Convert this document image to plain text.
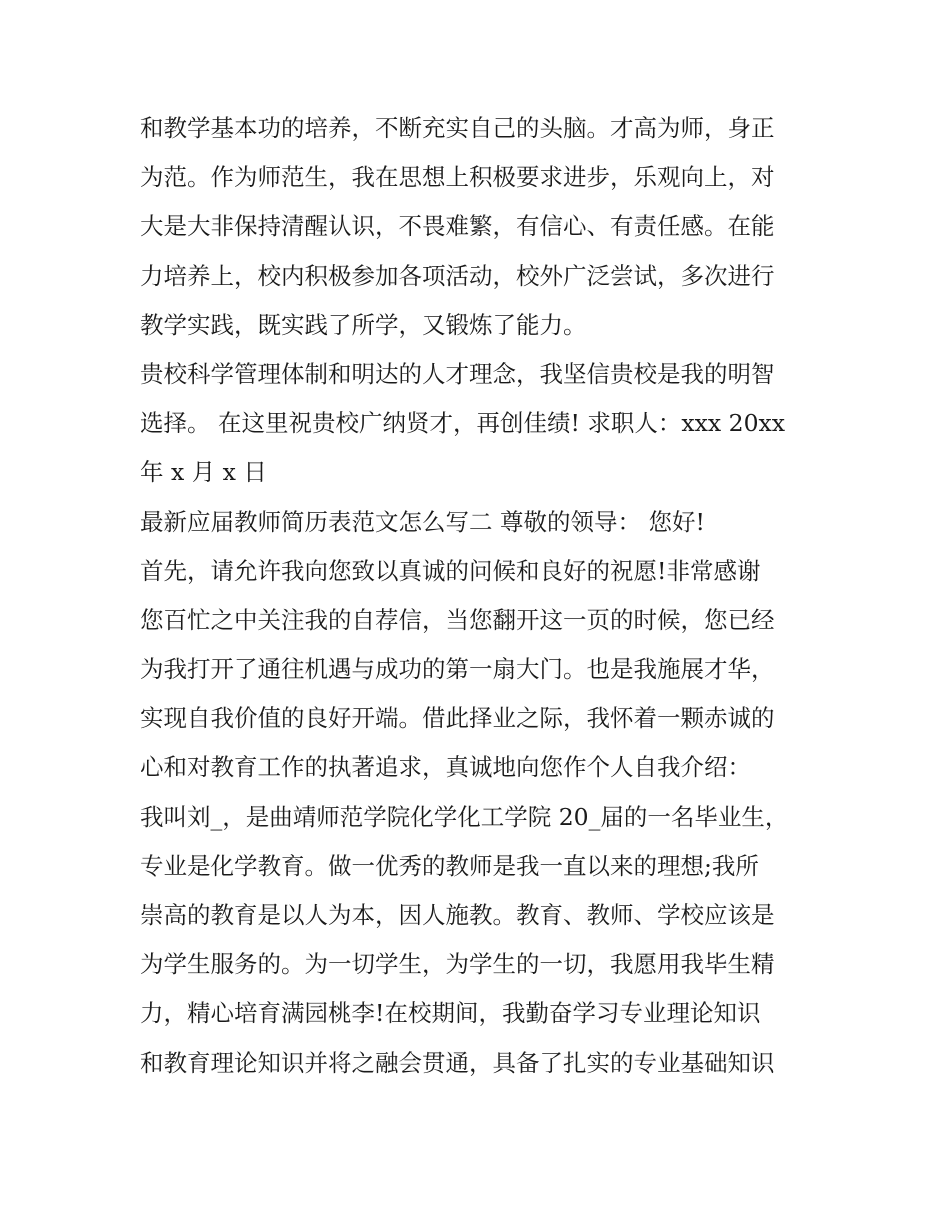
和教学基本功的培养，不断充实自己的头脑。才高为师，身正
为范。作为师范生，我在思想上积极要求进步，乐观向上，对
大是大非保持清醒认识，不畏难繁，有信心、有责任感。在能
力培养上，校内积极参加各项活动，校外广泛尝试，多次进行
教学实践，既实践了所学，又锻炼了能力。
贵校科学管理体制和明达的人才理念，我坚信贵校是我的明智
选择。 在这里祝贵校广纳贤才，再创佳绩! 求职人：xxx 20xx
年 x 月 x 日
最新应届教师简历表范文怎么写二 尊敬的领导： 您好!
首先，请允许我向您致以真诚的问候和良好的祝愿!非常感谢
您百忙之中关注我的自荐信，当您翻开这一页的时候，您已经
为我打开了通往机遇与成功的第一扇大门。也是我施展才华，
实现自我价值的良好开端。借此择业之际，我怀着一颗赤诚的
心和对教育工作的执著追求，真诚地向您作个人自我介绍：
我叫刘_，是曲靖师范学院化学化工学院 20_届的一名毕业生，
专业是化学教育。做一优秀的教师是我一直以来的理想;我所
崇高的教育是以人为本，因人施教。教育、教师、学校应该是
为学生服务的。为一切学生，为学生的一切，我愿用我毕生精
力，精心培育满园桃李!在校期间，我勤奋学习专业理论知识
和教育理论知识并将之融会贯通，具备了扎实的专业基础知识
